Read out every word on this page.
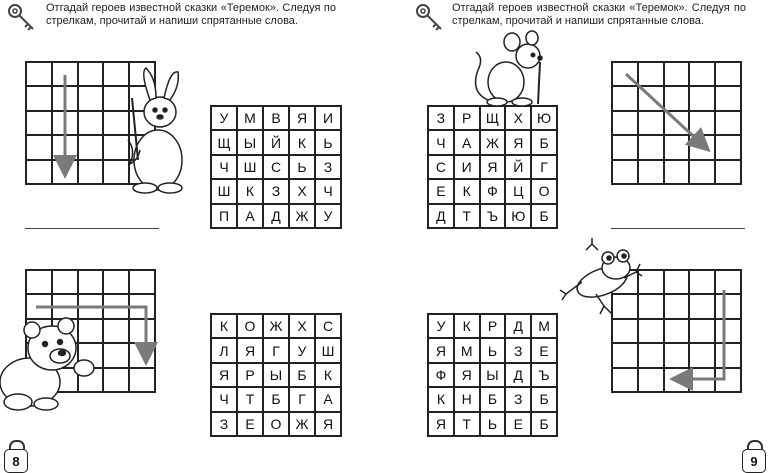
Отгадай героев известной сказки «Теремок». Следуя по стрелкам, прочитай и напиши спрятанные слова.
Отгадай героев известной сказки «Теремок». Следуя по стрелкам, прочитай и напиши спрятанные слова.
У	М	В	Я	И
Щ Ы	Й	К	Ь
Ч	Ш	С	Ь	З
Ш	К	З	Х	Ч
П	А	Д	Ж	У
З	Р	Щ	Х	Ю
Ч	А	Ж	Я	Б
С	И	Я	Й	Г
Е	К	Ф	Ц	О
Д	Т	Ъ Ю	Б
К	О	Ж	Х	С
Л	Я	Г	У	Ш
Я	Р	Ы	Б	К
Ч	Т	Б	Г	А
З	Е	О	Ж	Я
У	К	Р	Д	М
Я	М	Ь	З	Е
Ф	Я	Ы	Д	Ъ
К	Н	Б	З	Б
Я	Т	Ь	Е	Б
8	9
